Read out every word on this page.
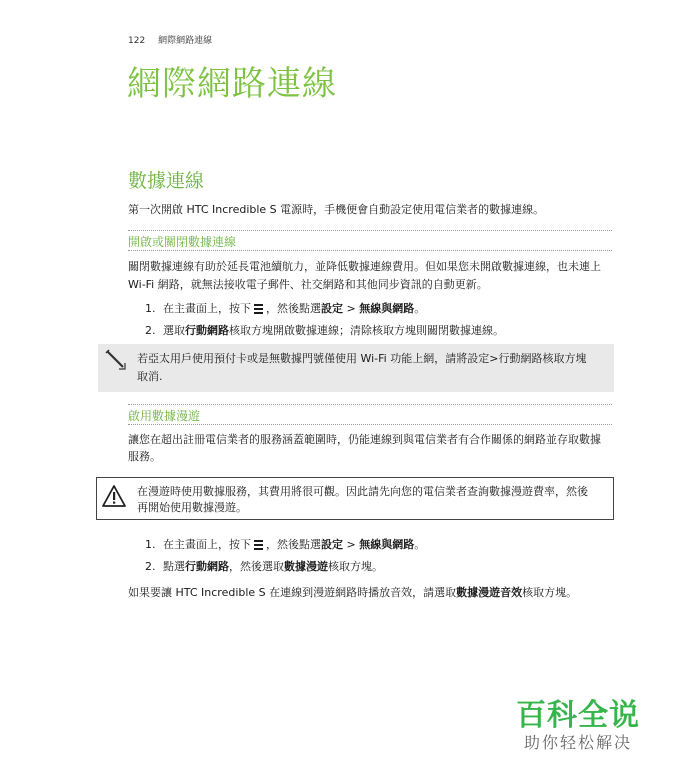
122 網際網路連線
網際網路連線
數據連線
第一次開啟 HTC Incredible S 電源時，手機便會自動設定使用電信業者的數據連線。
開啟或關閉數據連線
關閉數據連線有助於延長電池續航力，並降低數據連線費用。但如果您未開啟數據連線，也未連上
Wi-Fi 網路，就無法接收電子郵件、社交網路和其他同步資訊的自動更新。
1. 在主畫面上，按下 ，然後點選設定 > 無線與網路。
2. 選取行動網路核取方塊開啟數據連線；清除核取方塊則關閉數據連線。
若亞太用戶使用預付卡或是無數據門號僅使用 Wi-Fi 功能上網，請將設定>行動網路核取方塊
取消.
啟用數據漫遊
讓您在超出註冊電信業者的服務涵蓋範圍時，仍能連線到與電信業者有合作關係的網路並存取數據
服務。
在漫遊時使用數據服務，其費用將很可觀。因此請先向您的電信業者查詢數據漫遊費率，然後
再開始使用數據漫遊。
1. 在主畫面上，按下 ，然後點選設定 > 無線與網路。
2. 點選行動網路，然後選取數據漫遊核取方塊。
如果要讓 HTC Incredible S 在連線到漫遊網路時播放音效，請選取數據漫遊音效核取方塊。
百科全说
助你轻松解决
